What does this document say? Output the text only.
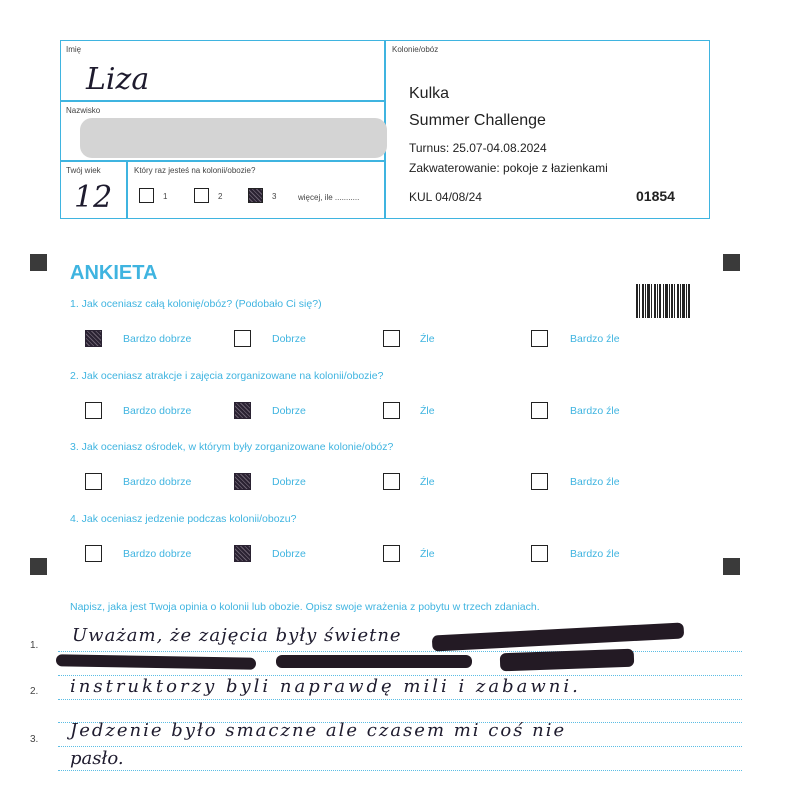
Imię
Liza
Nazwisko
Twój wiek
12
Który raz jesteś na kolonii/obozie?
1	2	3	więcej, ile ...........
Kolonie/obóz
Kulka
Summer Challenge
Turnus: 25.07-04.08.2024
Zakwaterowanie: pokoje z łazienkami
KUL 04/08/24	01854
ANKIETA
1. Jak oceniasz całą kolonię/obóz? (Podobało Ci się?)
Bardzo dobrze	Dobrze	Źle	Bardzo źle
2. Jak oceniasz atrakcje i zajęcia zorganizowane na kolonii/obozie?
Bardzo dobrze	Dobrze	Źle	Bardzo źle
3. Jak oceniasz ośrodek, w którym były zorganizowane kolonie/obóz?
Bardzo dobrze	Dobrze	Źle	Bardzo źle
4. Jak oceniasz jedzenie podczas kolonii/obozu?
Bardzo dobrze	Dobrze	Źle	Bardzo źle
Napisz, jaka jest Twoja opinia o kolonii lub obozie. Opisz swoje wrażenia z pobytu w trzech zdaniach.
1.
2.
3.
Uważam, że zajęcia były świetne
instruktorzy byli naprawdę mili i zabawni.
Jedzenie było smaczne ale czasem mi coś nie
pasło.
